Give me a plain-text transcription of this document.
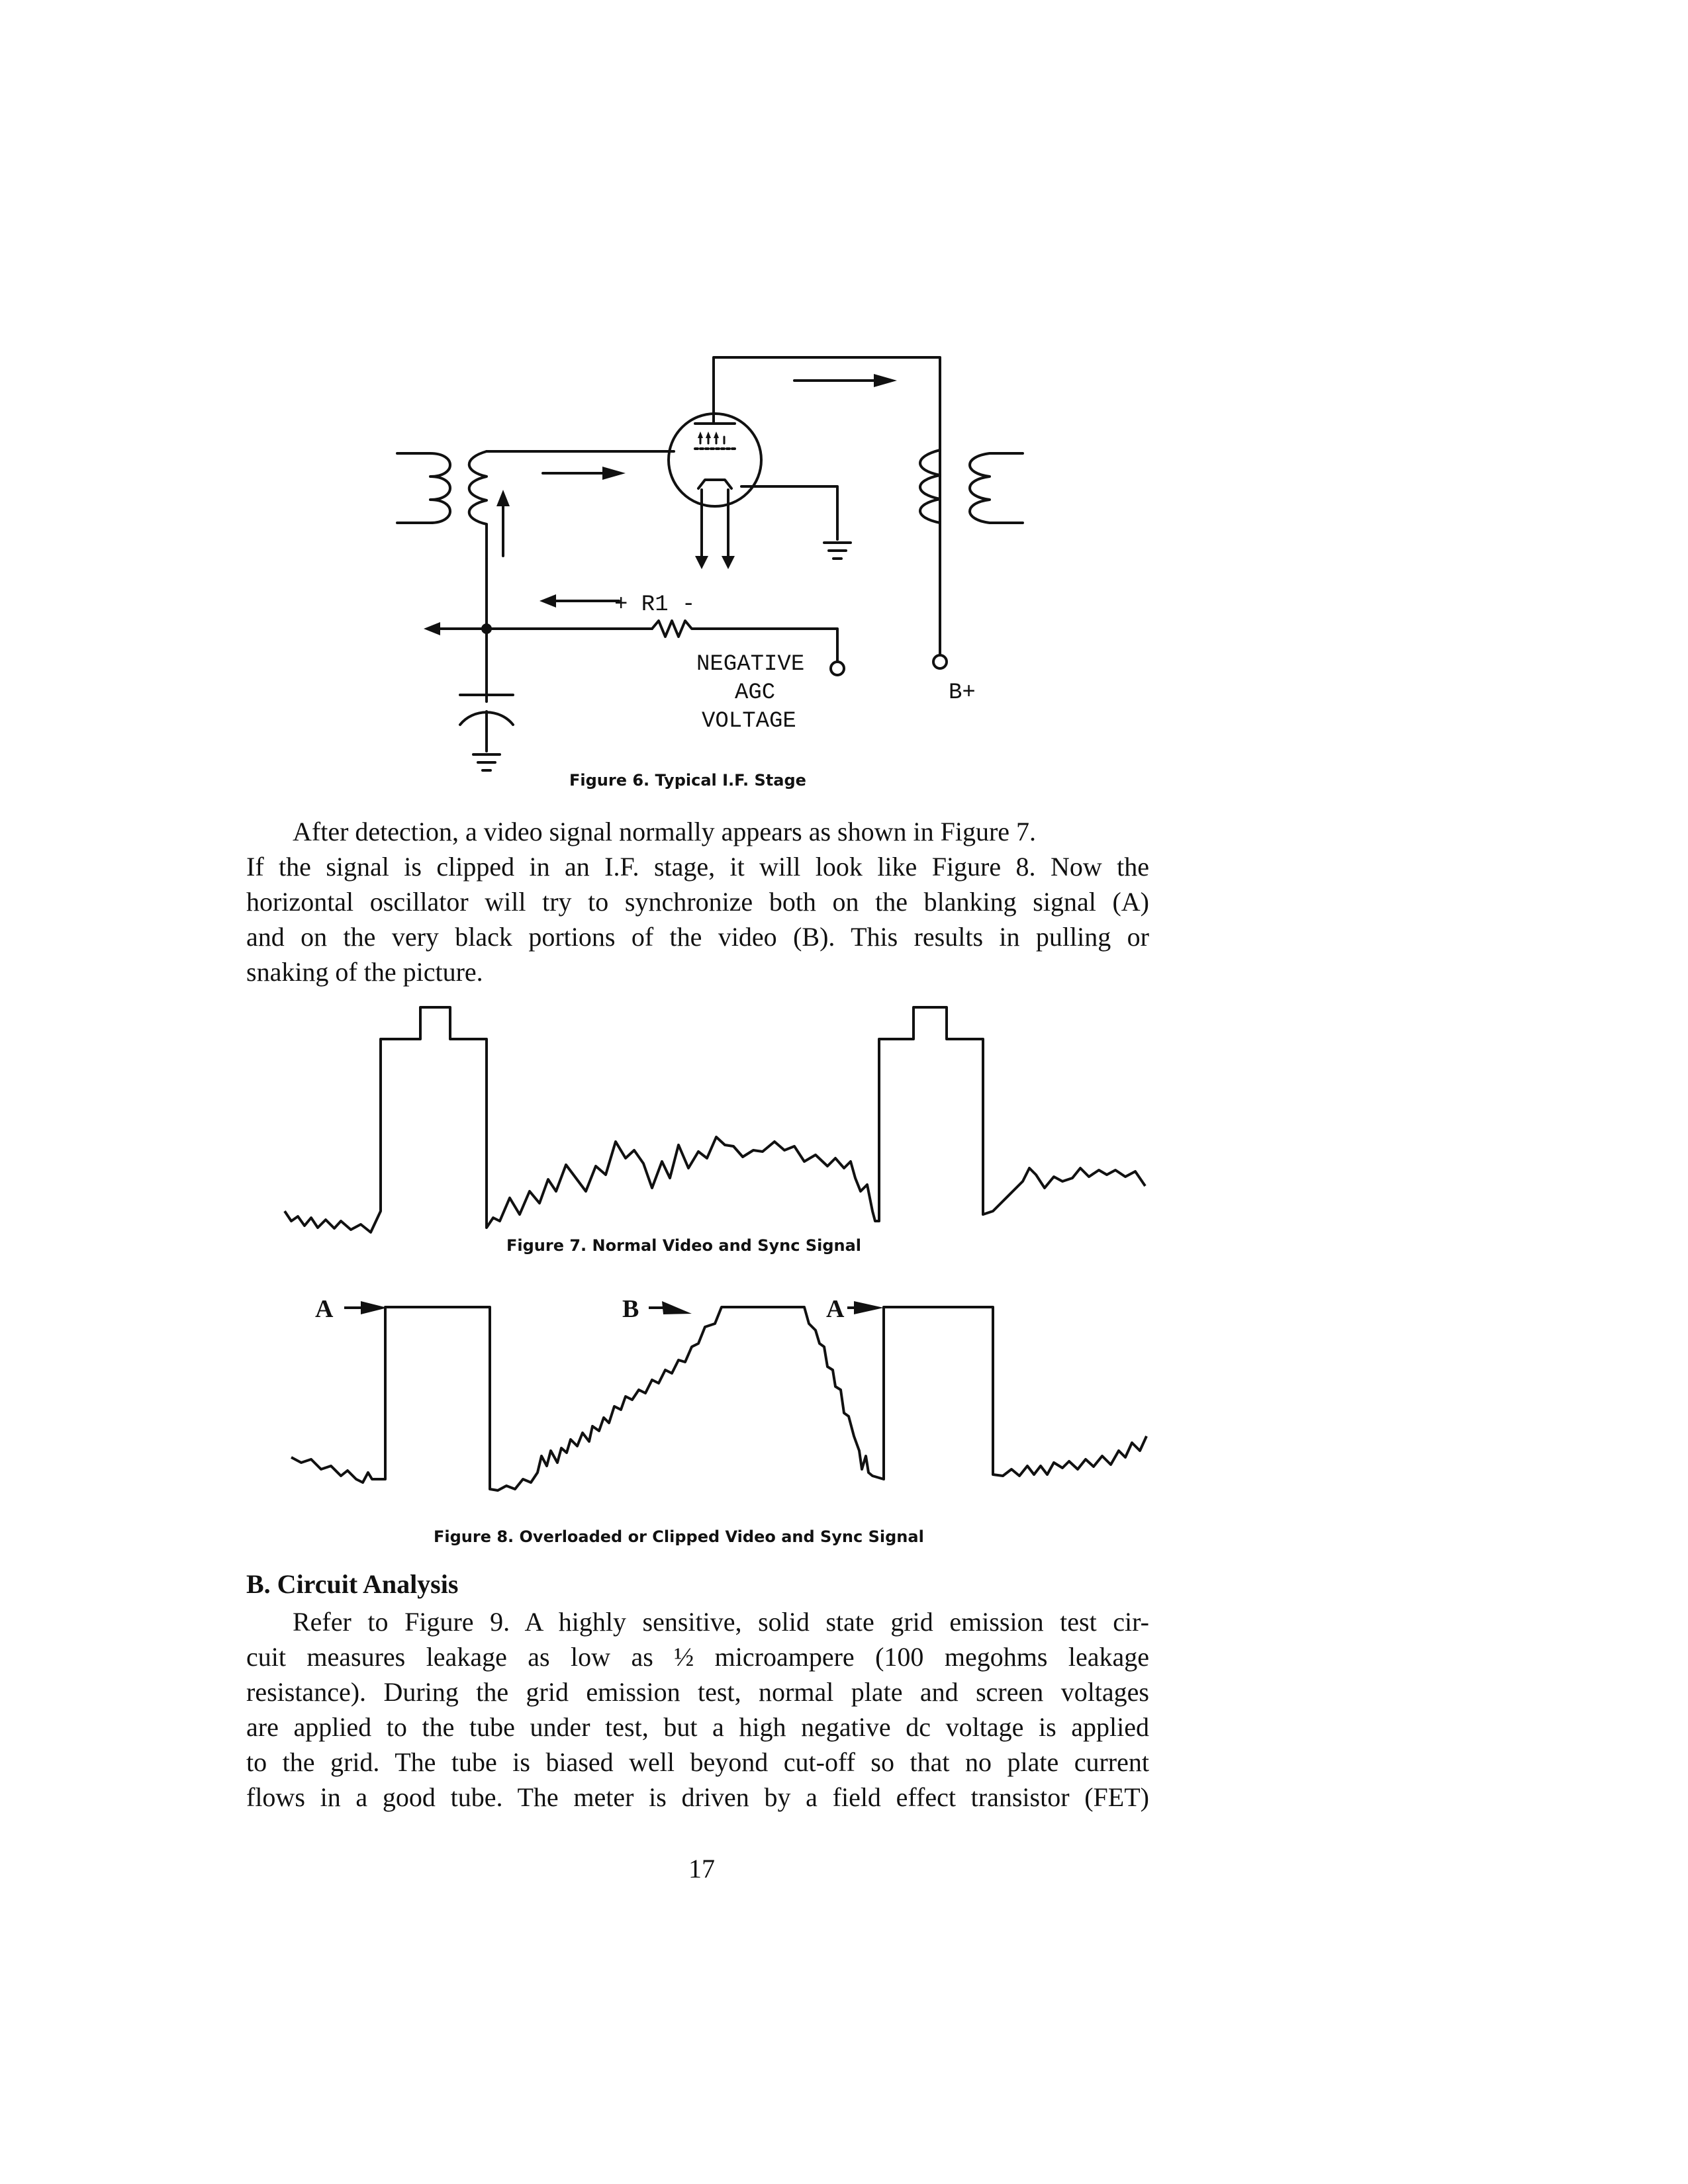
+ R1 -
NEGATIVE
AGC
VOLTAGE
B+
Figure 6. Typical I.F. Stage
After detection, a video signal normally appears as shown in Figure 7.
If the signal is clipped in an I.F. stage, it will look like Figure 8. Now the
horizontal oscillator will try to synchronize both on the blanking signal (A)
and on the very black portions of the video (B). This results in pulling or
snaking of the picture.
Figure 7. Normal Video and Sync Signal
A	B	A
Figure 8. Overloaded or Clipped Video and Sync Signal
B. Circuit Analysis
Refer to Figure 9. A highly sensitive, solid state grid emission test cir-
cuit measures leakage as low as ½ microampere (100 megohms leakage
resistance). During the grid emission test, normal plate and screen voltages
are applied to the tube under test, but a high negative dc voltage is applied
to the grid. The tube is biased well beyond cut-off so that no plate current
flows in a good tube. The meter is driven by a field effect transistor (FET)
17
